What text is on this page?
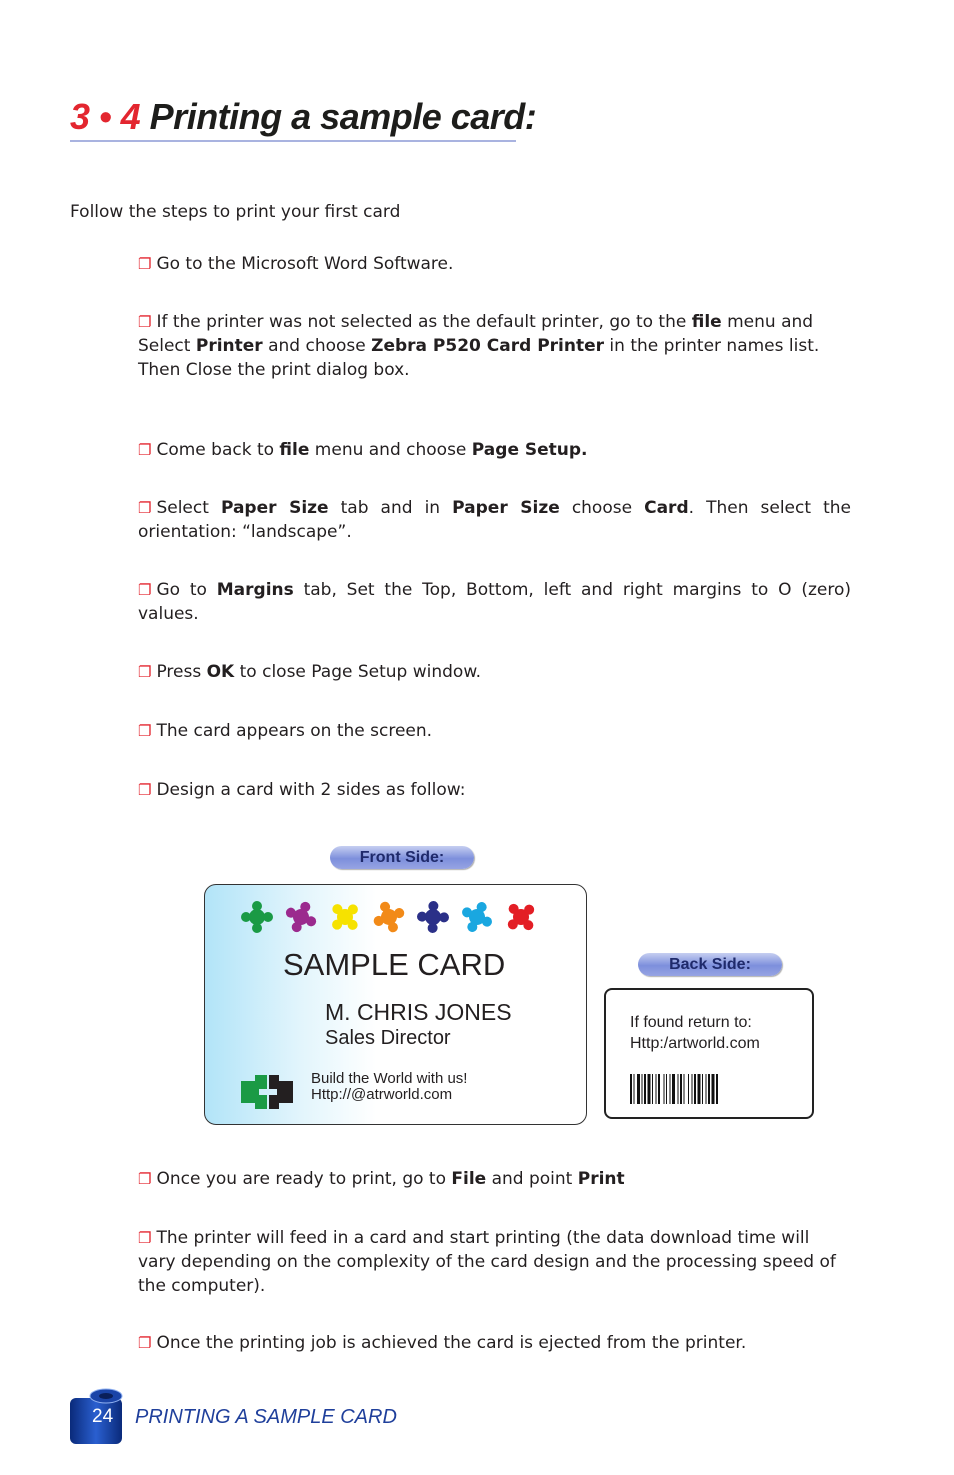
3 • 4 Printing a sample card:
Follow the steps to print your first card
❐ Go to the Microsoft Word Software.
❐ If the printer was not selected as the default printer, go to the file menu and Select Printer and choose Zebra P520 Card Printer in the printer names list. Then Close the print dialog box.
❐ Come back to file menu and choose Page Setup.
❐ Select Paper Size tab and in Paper Size choose Card. Then select the orientation: “landscape”.
❐ Go to Margins tab, Set the Top, Bottom, left and right margins to O (zero) values.
❐ Press OK to close Page Setup window.
❐ The card appears on the screen.
❐ Design a card with 2 sides as follow:
Front Side:
SAMPLE CARD
M. CHRIS JONES
Sales Director
Build the World with us!
Http://@atrworld.com
Back Side:
If found return to:
Http:/artworld.com
❐ Once you are ready to print, go to File and point Print
❐ The printer will feed in a card and start printing (the data download time will vary depending on the complexity of the card design and the processing speed of the computer).
❐ Once the printing job is achieved the card is ejected from the printer.
24 PRINTING A SAMPLE CARD
